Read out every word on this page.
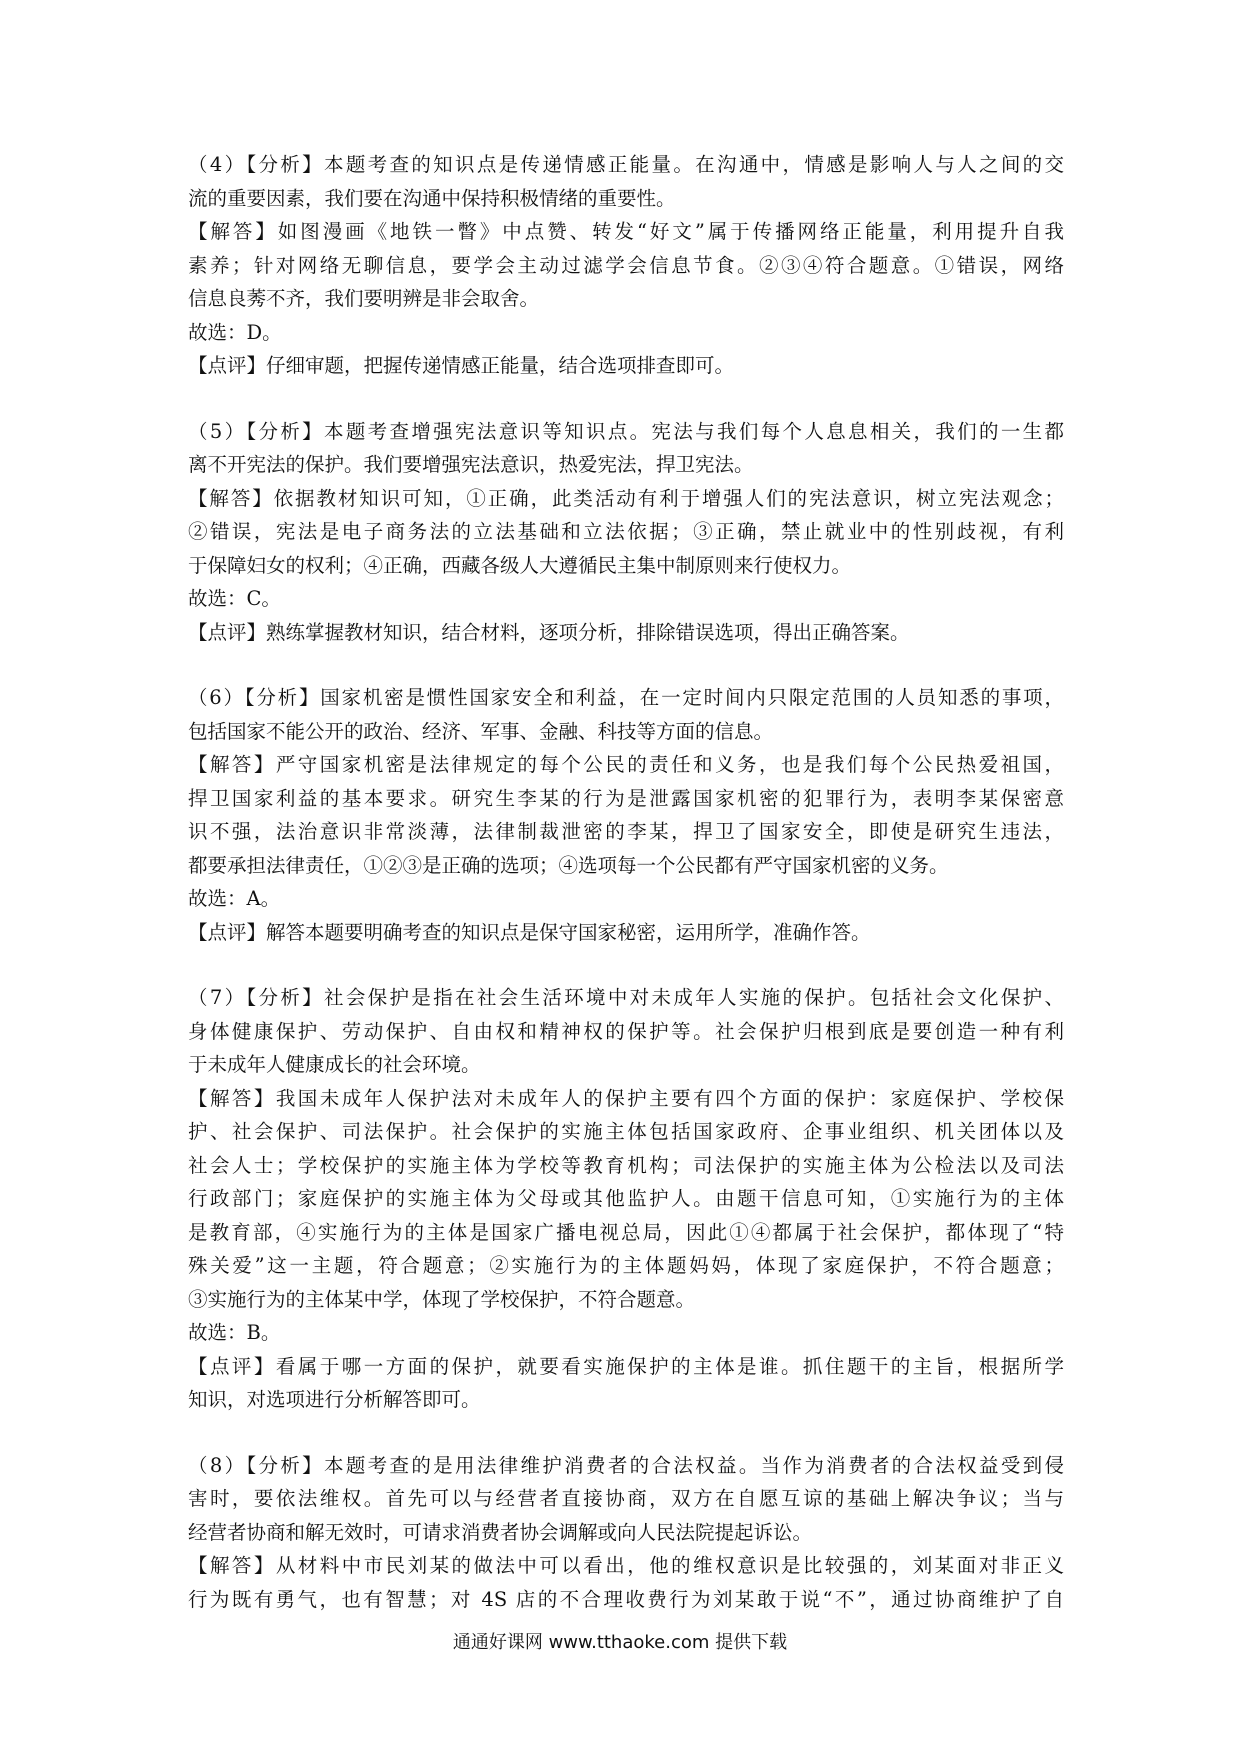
（4）【分析】本题考查的知识点是传递情感正能量。在沟通中，情感是影响人与人之间的交
流的重要因素，我们要在沟通中保持积极情绪的重要性。
【解答】如图漫画《地铁一瞥》中点赞、转发“好文”属于传播网络正能量，利用提升自我
素养；针对网络无聊信息，要学会主动过滤学会信息节食。②③④符合题意。①错误，网络
信息良莠不齐，我们要明辨是非会取舍。
故选：D。
【点评】仔细审题，把握传递情感正能量，结合选项排查即可。
（5）【分析】本题考查增强宪法意识等知识点。宪法与我们每个人息息相关，我们的一生都
离不开宪法的保护。我们要增强宪法意识，热爱宪法，捍卫宪法。
【解答】依据教材知识可知，①正确，此类活动有利于增强人们的宪法意识，树立宪法观念；
②错误，宪法是电子商务法的立法基础和立法依据；③正确，禁止就业中的性别歧视，有利
于保障妇女的权利；④正确，西藏各级人大遵循民主集中制原则来行使权力。
故选：C。
【点评】熟练掌握教材知识，结合材料，逐项分析，排除错误选项，得出正确答案。
（6）【分析】国家机密是惯性国家安全和利益，在一定时间内只限定范围的人员知悉的事项，
包括国家不能公开的政治、经济、军事、金融、科技等方面的信息。
【解答】严守国家机密是法律规定的每个公民的责任和义务，也是我们每个公民热爱祖国，
捍卫国家利益的基本要求。研究生李某的行为是泄露国家机密的犯罪行为，表明李某保密意
识不强，法治意识非常淡薄，法律制裁泄密的李某，捍卫了国家安全，即使是研究生违法，
都要承担法律责任，①②③是正确的选项；④选项每一个公民都有严守国家机密的义务。
故选：A。
【点评】解答本题要明确考查的知识点是保守国家秘密，运用所学，准确作答。
（7）【分析】社会保护是指在社会生活环境中对未成年人实施的保护。包括社会文化保护、
身体健康保护、劳动保护、自由权和精神权的保护等。社会保护归根到底是要创造一种有利
于未成年人健康成长的社会环境。
【解答】我国未成年人保护法对未成年人的保护主要有四个方面的保护：家庭保护、学校保
护、社会保护、司法保护。社会保护的实施主体包括国家政府、企事业组织、机关团体以及
社会人士；学校保护的实施主体为学校等教育机构；司法保护的实施主体为公检法以及司法
行政部门；家庭保护的实施主体为父母或其他监护人。由题干信息可知，①实施行为的主体
是教育部，④实施行为的主体是国家广播电视总局，因此①④都属于社会保护，都体现了“特
殊关爱”这一主题，符合题意；②实施行为的主体题妈妈，体现了家庭保护，不符合题意；
③实施行为的主体某中学，体现了学校保护，不符合题意。
故选：B。
【点评】看属于哪一方面的保护，就要看实施保护的主体是谁。抓住题干的主旨，根据所学
知识，对选项进行分析解答即可。
（8）【分析】本题考查的是用法律维护消费者的合法权益。当作为消费者的合法权益受到侵
害时，要依法维权。首先可以与经营者直接协商，双方在自愿互谅的基础上解决争议；当与
经营者协商和解无效时，可请求消费者协会调解或向人民法院提起诉讼。
【解答】从材料中市民刘某的做法中可以看出，他的维权意识是比较强的，刘某面对非正义
行为既有勇气，也有智慧；对 4S 店的不合理收费行为刘某敢于说“不”，通过协商维护了自
通通好课网 www.tthaoke.com 提供下载
